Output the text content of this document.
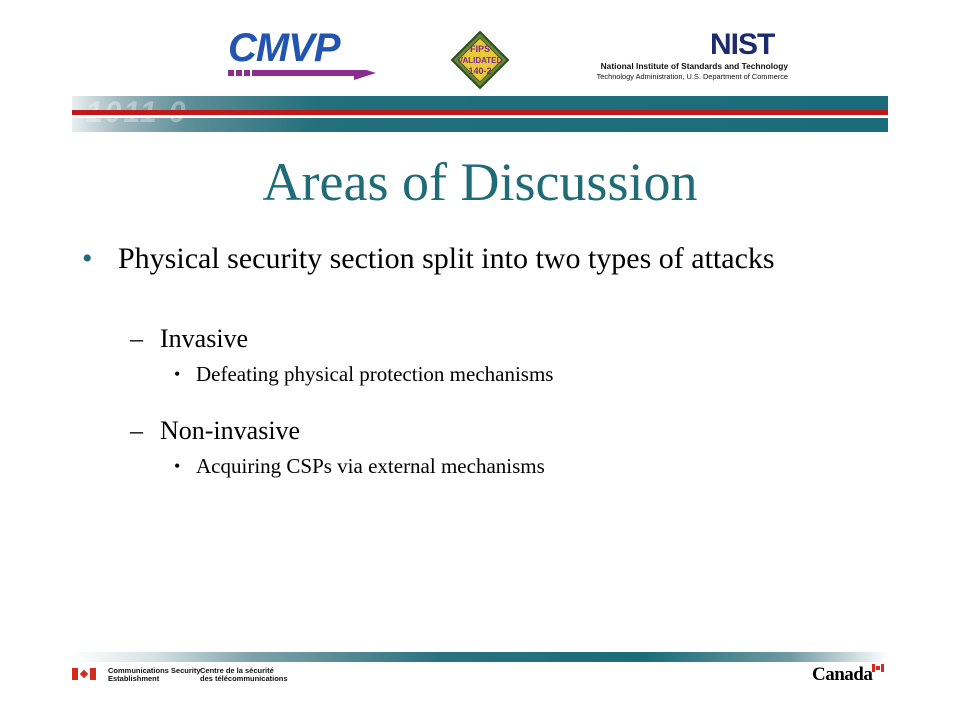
CMVP	FIPS
VALIDATED
140-2
NIST
National Institute of Standards and Technology
Technology Administration, U.S. Department of Commerce
Areas of Discussion
• Physical security section split into two types of attacks
– Invasive
• Defeating physical protection mechanisms
– Non-invasive
• Acquiring CSPs via external mechanisms
Communications Security
Establishment
Centre de la sécurité
des télécommunications	Canada
